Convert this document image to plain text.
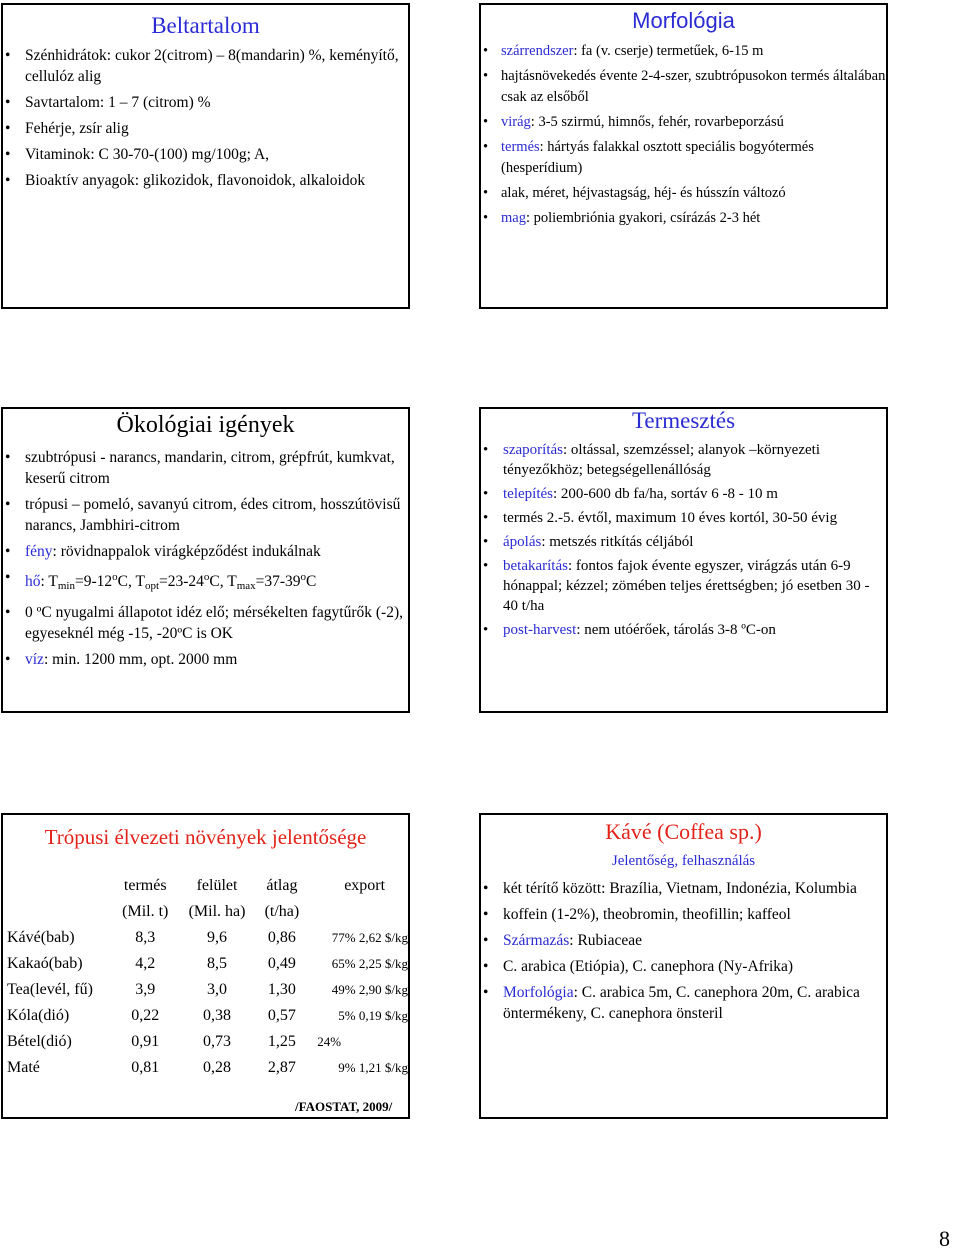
Beltartalom
• Szénhidrátok: cukor 2(citrom) – 8(mandarin) %, keményítő, cellulóz alig
• Savtartalom: 1 – 7 (citrom) %
• Fehérje, zsír alig
• Vitaminok: C 30-70-(100) mg/100g; A,
• Bioaktív anyagok: glikozidok, flavonoidok, alkaloidok
Morfológia
• szárrendszer: fa (v. cserje) termetűek, 6-15 m
• hajtásnövekedés évente 2-4-szer, szubtrópusokon termés általában csak az elsőből
• virág: 3-5 szirmú, himnős, fehér, rovarbeporzású
• termés: hártyás falakkal osztott speciális bogyótermés (hesperídium)
• alak, méret, héjvastagság, héj- és hússzín változó
• mag: poliembriónia gyakori, csírázás 2-3 hét
Ökológiai igények
• szubtrópusi - narancs, mandarin, citrom, grépfrút, kumkvat, keserű citrom
• trópusi – pomeló, savanyú citrom, édes citrom, hosszútövisű narancs, Jambhiri-citrom
• fény: rövidnappalok virágképződést indukálnak
• hő: $T_{min}=9-12^oC$, $T_{opt}=23-24^oC$, $T_{max}=37-39^oC$
• 0 ºC nyugalmi állapotot idéz elő; mérsékelten fagytűrők (-2), egyeseknél még -15, -20ºC is OK
• víz: min. 1200 mm, opt. 2000 mm
Termesztés
• szaporítás: oltással, szemzéssel; alanyok –környezeti tényezőkhöz; betegségellenállóság
• telepítés: 200-600 db fa/ha, sortáv 6 -8 - 10 m
• termés 2.-5. évtől, maximum 10 éves kortól, 30-50 évig
• ápolás: metszés ritkítás céljából
• betakarítás: fontos fajok évente egyszer, virágzás után 6-9 hónappal; kézzel; zömében teljes érettségben; jó esetben 30 - 40 t/ha
• post-harvest: nem utóérőek, tárolás 3-8 ºC-on
Trópusi élvezeti növények jelentősége
	termés	felület	átlag	export
	(Mil. t)	(Mil. ha)	(t/ha)	
Kávé(bab)	8,3	9,6	0,86	77% 2,62 $/kg
Kakaó(bab)	4,2	8,5	0,49	65% 2,25 $/kg
Tea(levél, fű)	3,9	3,0	1,30	49% 2,90 $/kg
Kóla(dió)	0,22	0,38	0,57	5% 0,19 $/kg
Bétel(dió)	0,91	0,73	1,25	24%
Maté	0,81	0,28	2,87	9% 1,21 $/kg
/FAOSTAT, 2009/
Kávé (Coffea sp.)
Jelentőség, felhasználás
• két térítő között: Brazília, Vietnam, Indonézia, Kolumbia
• koffein (1-2%), theobromin, theofillin; kaffeol
• Származás: Rubiaceae
• C. arabica (Etiópia), C. canephora (Ny-Afrika)
• Morfológia: C. arabica 5m, C. canephora 20m, C. arabica öntermékeny, C. canephora önsteril
8
